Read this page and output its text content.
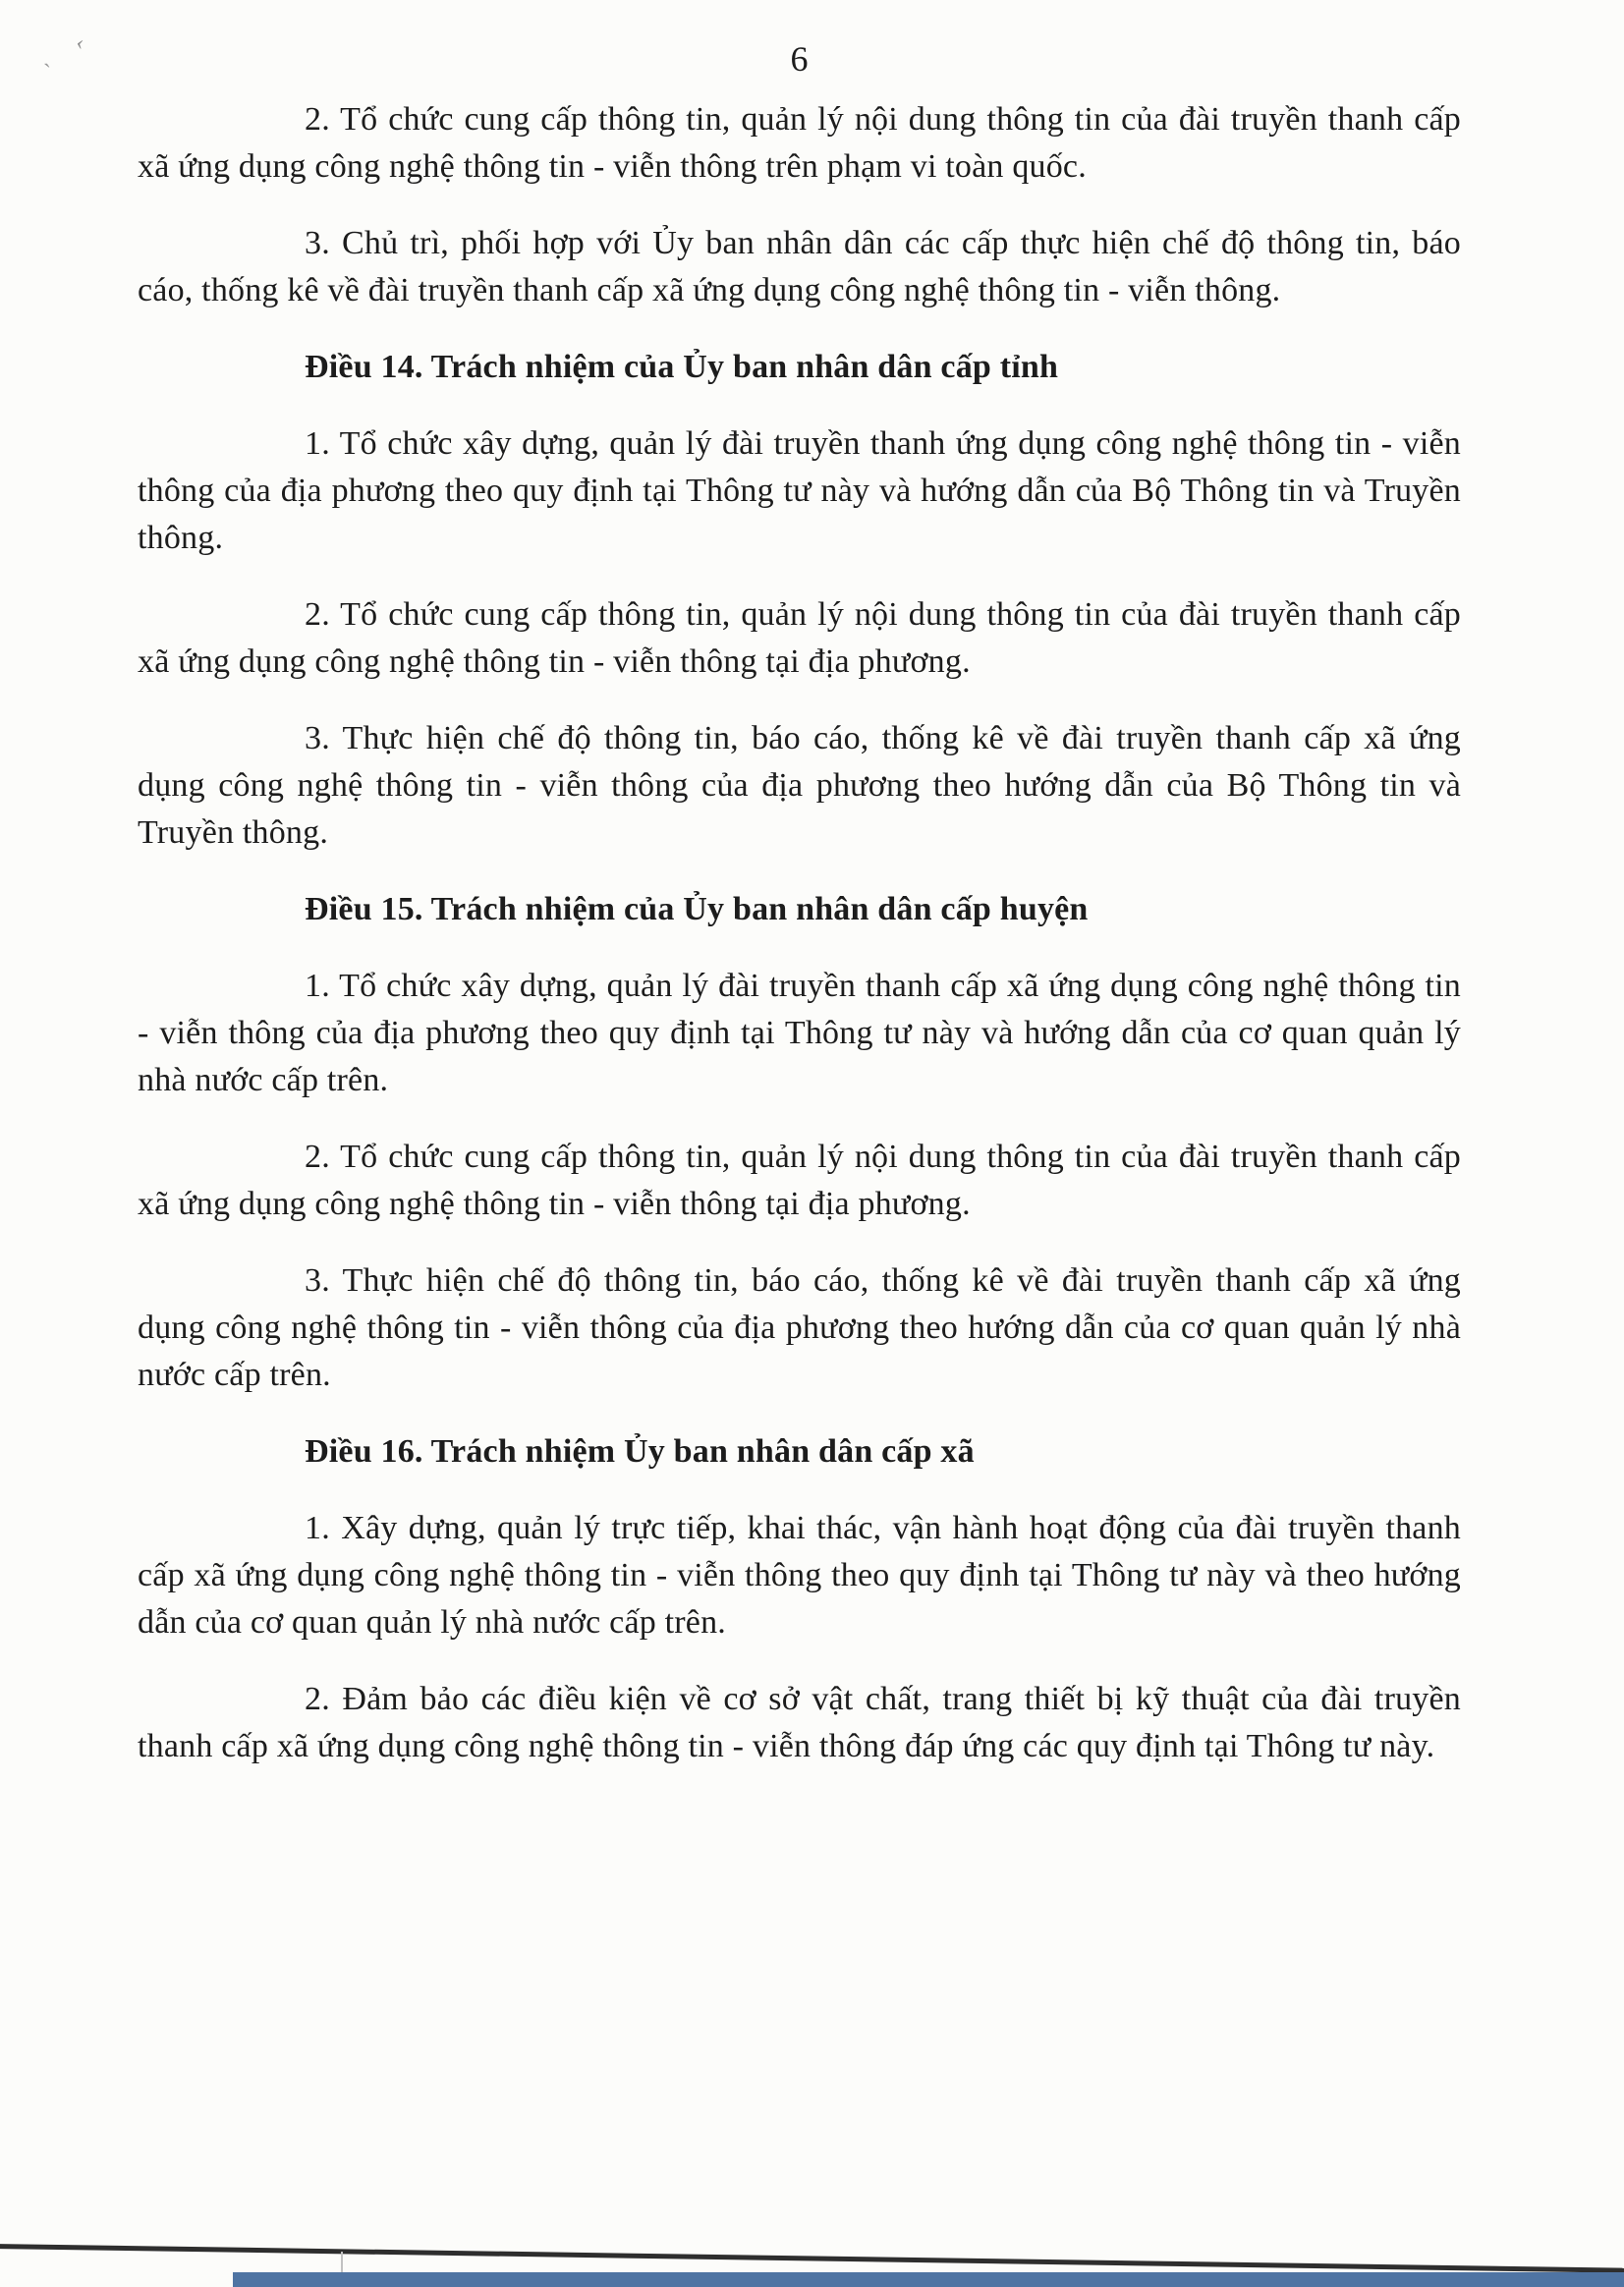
‹
`	6

2. Tổ chức cung cấp thông tin, quản lý nội dung thông tin của đài truyền thanh cấp xã ứng dụng công nghệ thông tin - viễn thông trên phạm vi toàn quốc.

3. Chủ trì, phối hợp với Ủy ban nhân dân các cấp thực hiện chế độ thông tin, báo cáo, thống kê về đài truyền thanh cấp xã ứng dụng công nghệ thông tin - viễn thông.

Điều 14. Trách nhiệm của Ủy ban nhân dân cấp tỉnh

1. Tổ chức xây dựng, quản lý đài truyền thanh ứng dụng công nghệ thông tin - viễn thông của địa phương theo quy định tại Thông tư này và hướng dẫn của Bộ Thông tin và Truyền thông.

2. Tổ chức cung cấp thông tin, quản lý nội dung thông tin của đài truyền thanh cấp xã ứng dụng công nghệ thông tin - viễn thông tại địa phương.

3. Thực hiện chế độ thông tin, báo cáo, thống kê về đài truyền thanh cấp xã ứng dụng công nghệ thông tin - viễn thông của địa phương theo hướng dẫn của Bộ Thông tin và Truyền thông.

Điều 15. Trách nhiệm của Ủy ban nhân dân cấp huyện

1. Tổ chức xây dựng, quản lý đài truyền thanh cấp xã ứng dụng công nghệ thông tin - viễn thông của địa phương theo quy định tại Thông tư này và hướng dẫn của cơ quan quản lý nhà nước cấp trên.

2. Tổ chức cung cấp thông tin, quản lý nội dung thông tin của đài truyền thanh cấp xã ứng dụng công nghệ thông tin - viễn thông tại địa phương.

3. Thực hiện chế độ thông tin, báo cáo, thống kê về đài truyền thanh cấp xã ứng dụng công nghệ thông tin - viễn thông của địa phương theo hướng dẫn của cơ quan quản lý nhà nước cấp trên.

Điều 16. Trách nhiệm Ủy ban nhân dân cấp xã

1. Xây dựng, quản lý trực tiếp, khai thác, vận hành hoạt động của đài truyền thanh cấp xã ứng dụng công nghệ thông tin - viễn thông theo quy định tại Thông tư này và theo hướng dẫn của cơ quan quản lý nhà nước cấp trên.

2. Đảm bảo các điều kiện về cơ sở vật chất, trang thiết bị kỹ thuật của đài truyền thanh cấp xã ứng dụng công nghệ thông tin - viễn thông đáp ứng các quy định tại Thông tư này.
